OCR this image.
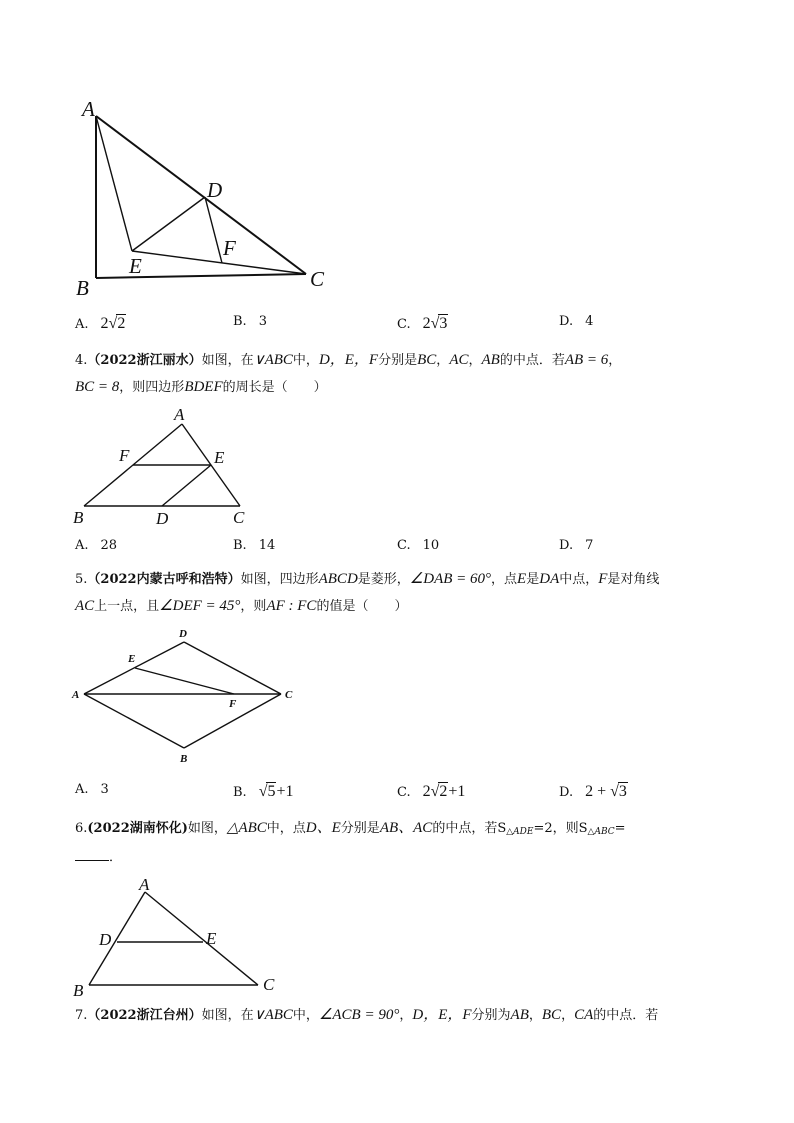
A
B	C
D
E
F
A. 2√2	B. 3	C. 2√3	D. 4
4.（2022浙江丽水）如图，在∨ABC中，D，E，F分别是BC，AC，AB的中点．若AB = 6，
BC = 8，则四边形BDEF的周长是（　　）
A
B	C
D
E
F
A. 28	B. 14	C. 10	D. 7
5.（2022内蒙古呼和浩特）如图，四边形ABCD是菱形，∠DAB = 60°，点E是DA中点，F是对角线
AC上一点，且∠DEF = 45°，则AF : FC的值是（　　）
D
E
A	C
F
B
A. 3	B. √5+1	C. 2√2+1	D. 2 + √3
6.(2022湖南怀化)如图，△ABC中，点D、E分别是AB、AC的中点，若$S_{\triangle ADE}=2$，则$S_{\triangle ABC}=$
．
A
D	E
B	C
7.（2022浙江台州）如图，在∨ABC中，∠ACB = 90°，D，E，F分别为AB，BC，CA的中点．若
